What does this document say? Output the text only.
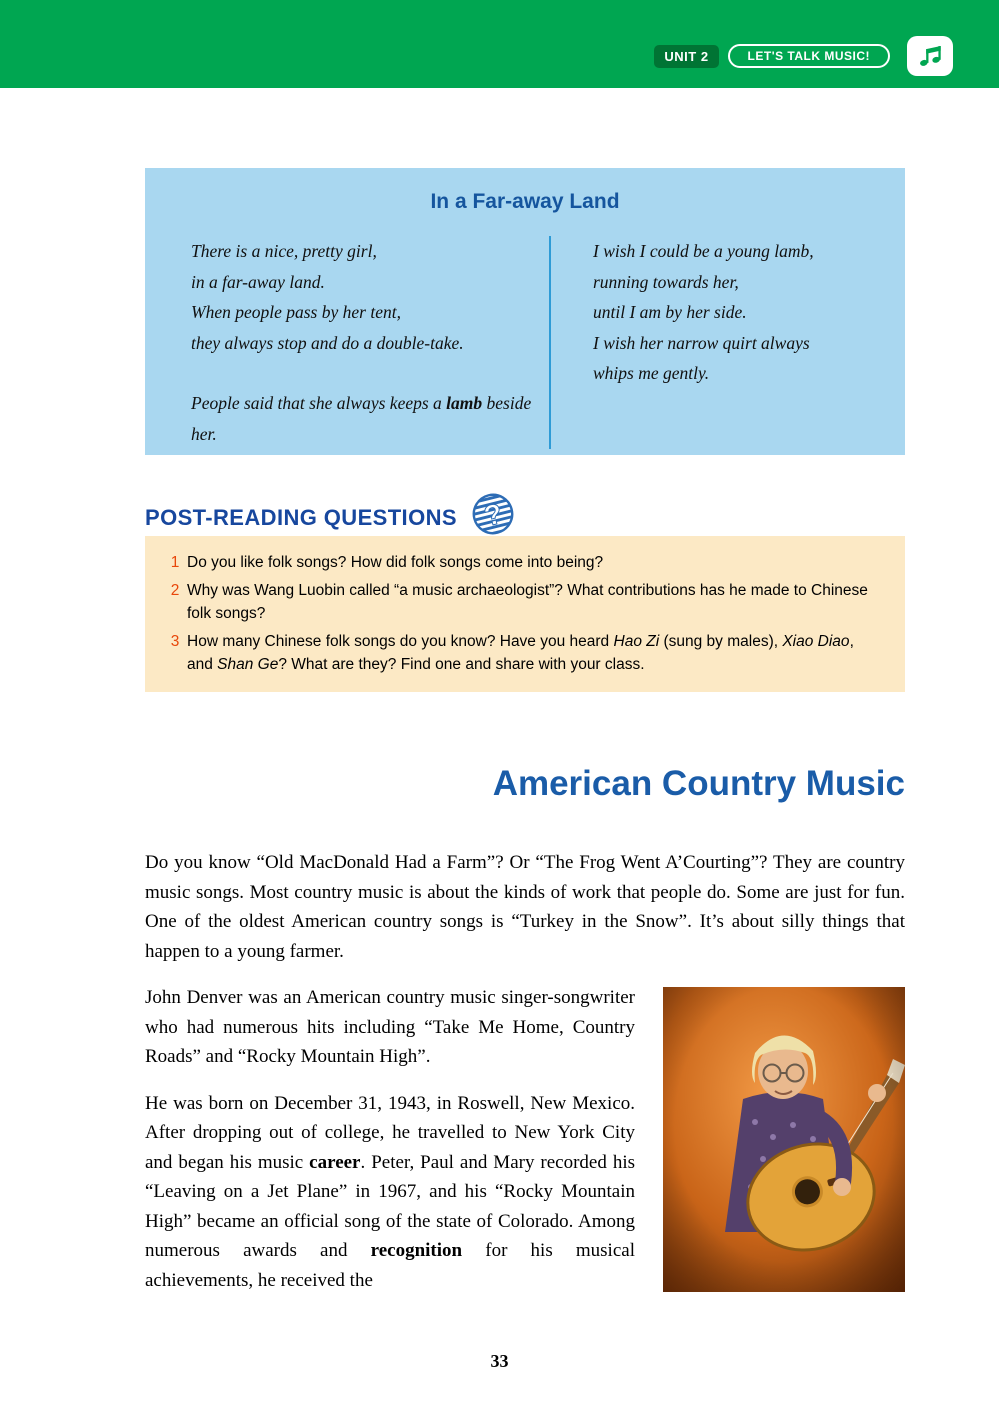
UNIT 2	LET'S TALK MUSIC!
In a Far-away Land
There is a nice, pretty girl,
in a far-away land.
When people pass by her tent,
they always stop and do a double-take.
People said that she always keeps a lamb beside her.
I wish I could be a young lamb,
running towards her,
until I am by her side.
I wish her narrow quirt always
whips me gently.
POST-READING QUESTIONS ?
1 Do you like folk songs? How did folk songs come into being?
2 Why was Wang Luobin called “a music archaeologist”? What contributions has he made to Chinese folk songs?
3 How many Chinese folk songs do you know? Have you heard Hao Zi (sung by males), Xiao Diao, and Shan Ge? What are they? Find one and share with your class.
American Country Music

Do you know “Old MacDonald Had a Farm”? Or “The Frog Went A’Courting”? They are country music songs. Most country music is about the kinds of work that people do. Some are just for fun. One of the oldest American country songs is “Turkey in the Snow”. It’s about silly things that happen to a young farmer.

John Denver was an American country music singer-songwriter who had numerous hits including “Take Me Home, Country Roads” and “Rocky Mountain High”.

He was born on December 31, 1943, in Roswell, New Mexico. After dropping out of college, he travelled to New York City and began his music career. Peter, Paul and Mary recorded his “Leaving on a Jet Plane” in 1967, and his “Rocky Mountain High” became an official song of the state of Colorado. Among numerous awards and recognition for his musical achievements, he received the

33
